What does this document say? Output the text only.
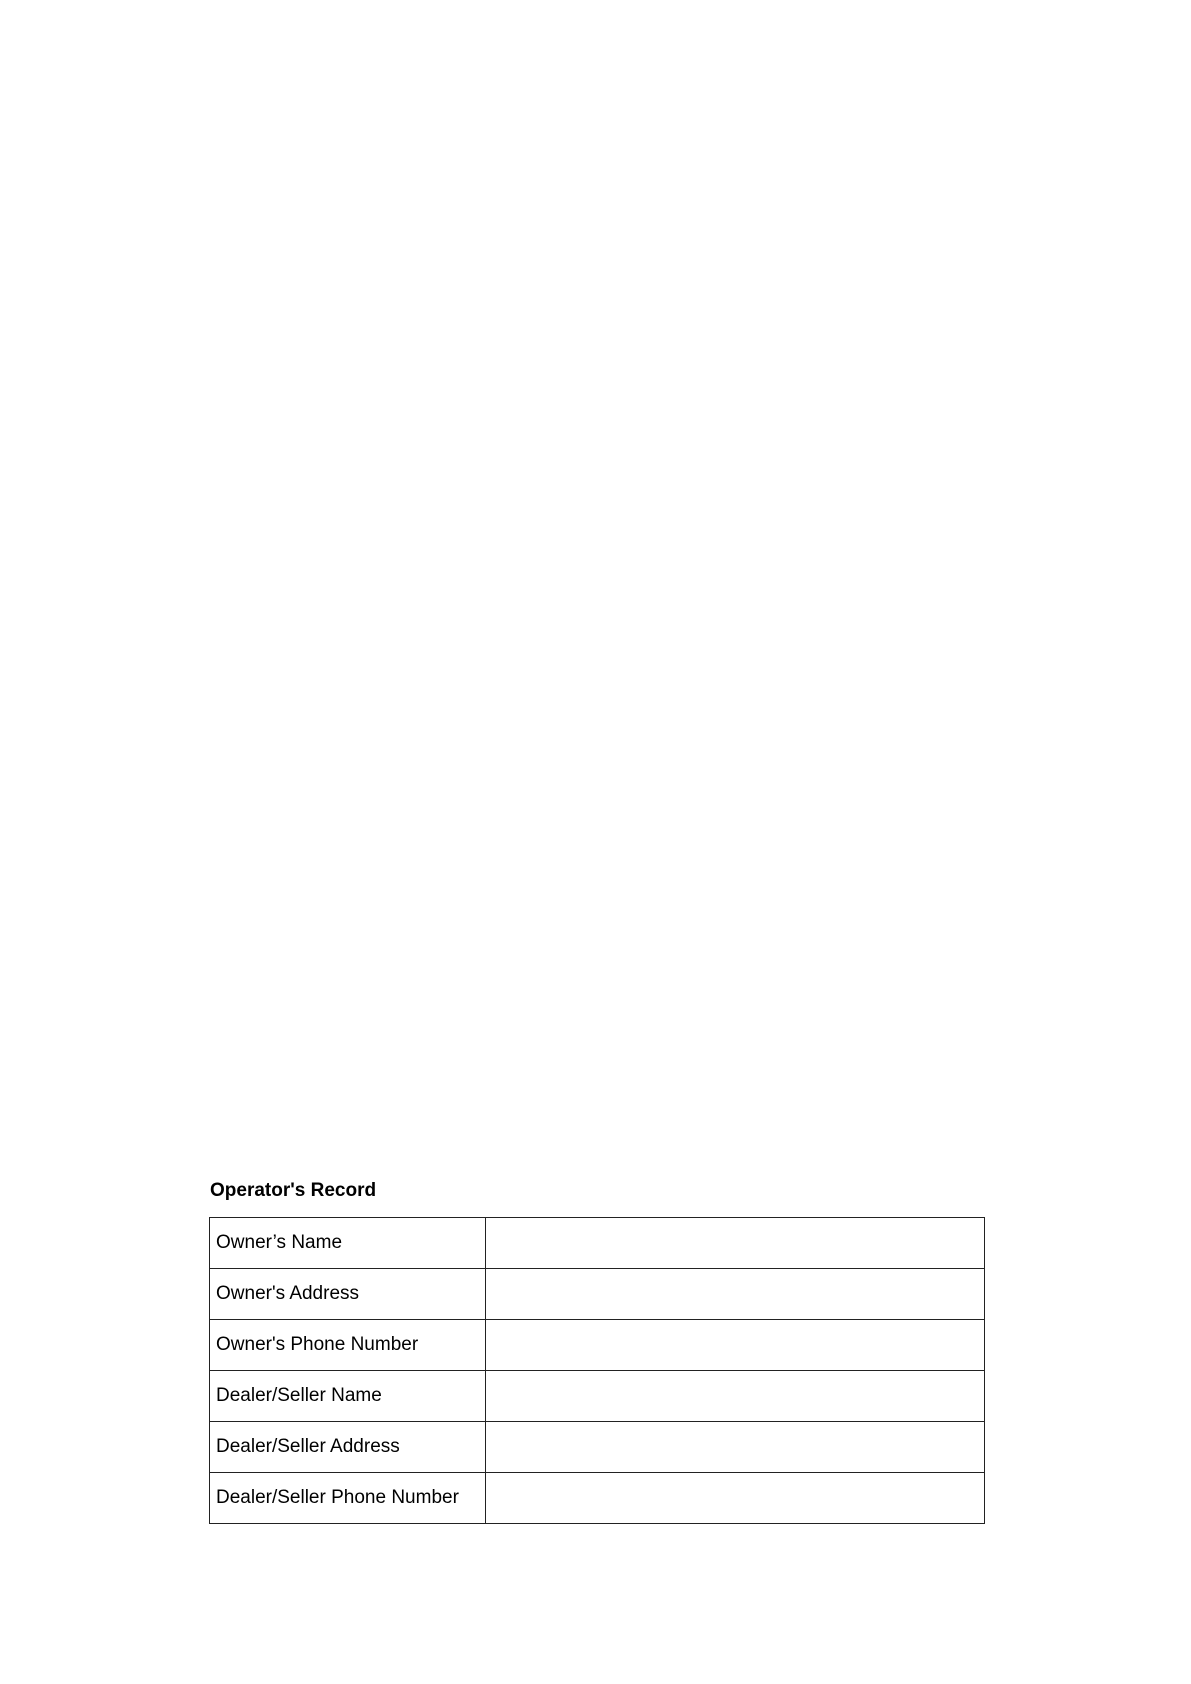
Operator's Record
Owner’s Name	
Owner's Address	
Owner's Phone Number	
Dealer/Seller Name	
Dealer/Seller Address	
Dealer/Seller Phone Number	
